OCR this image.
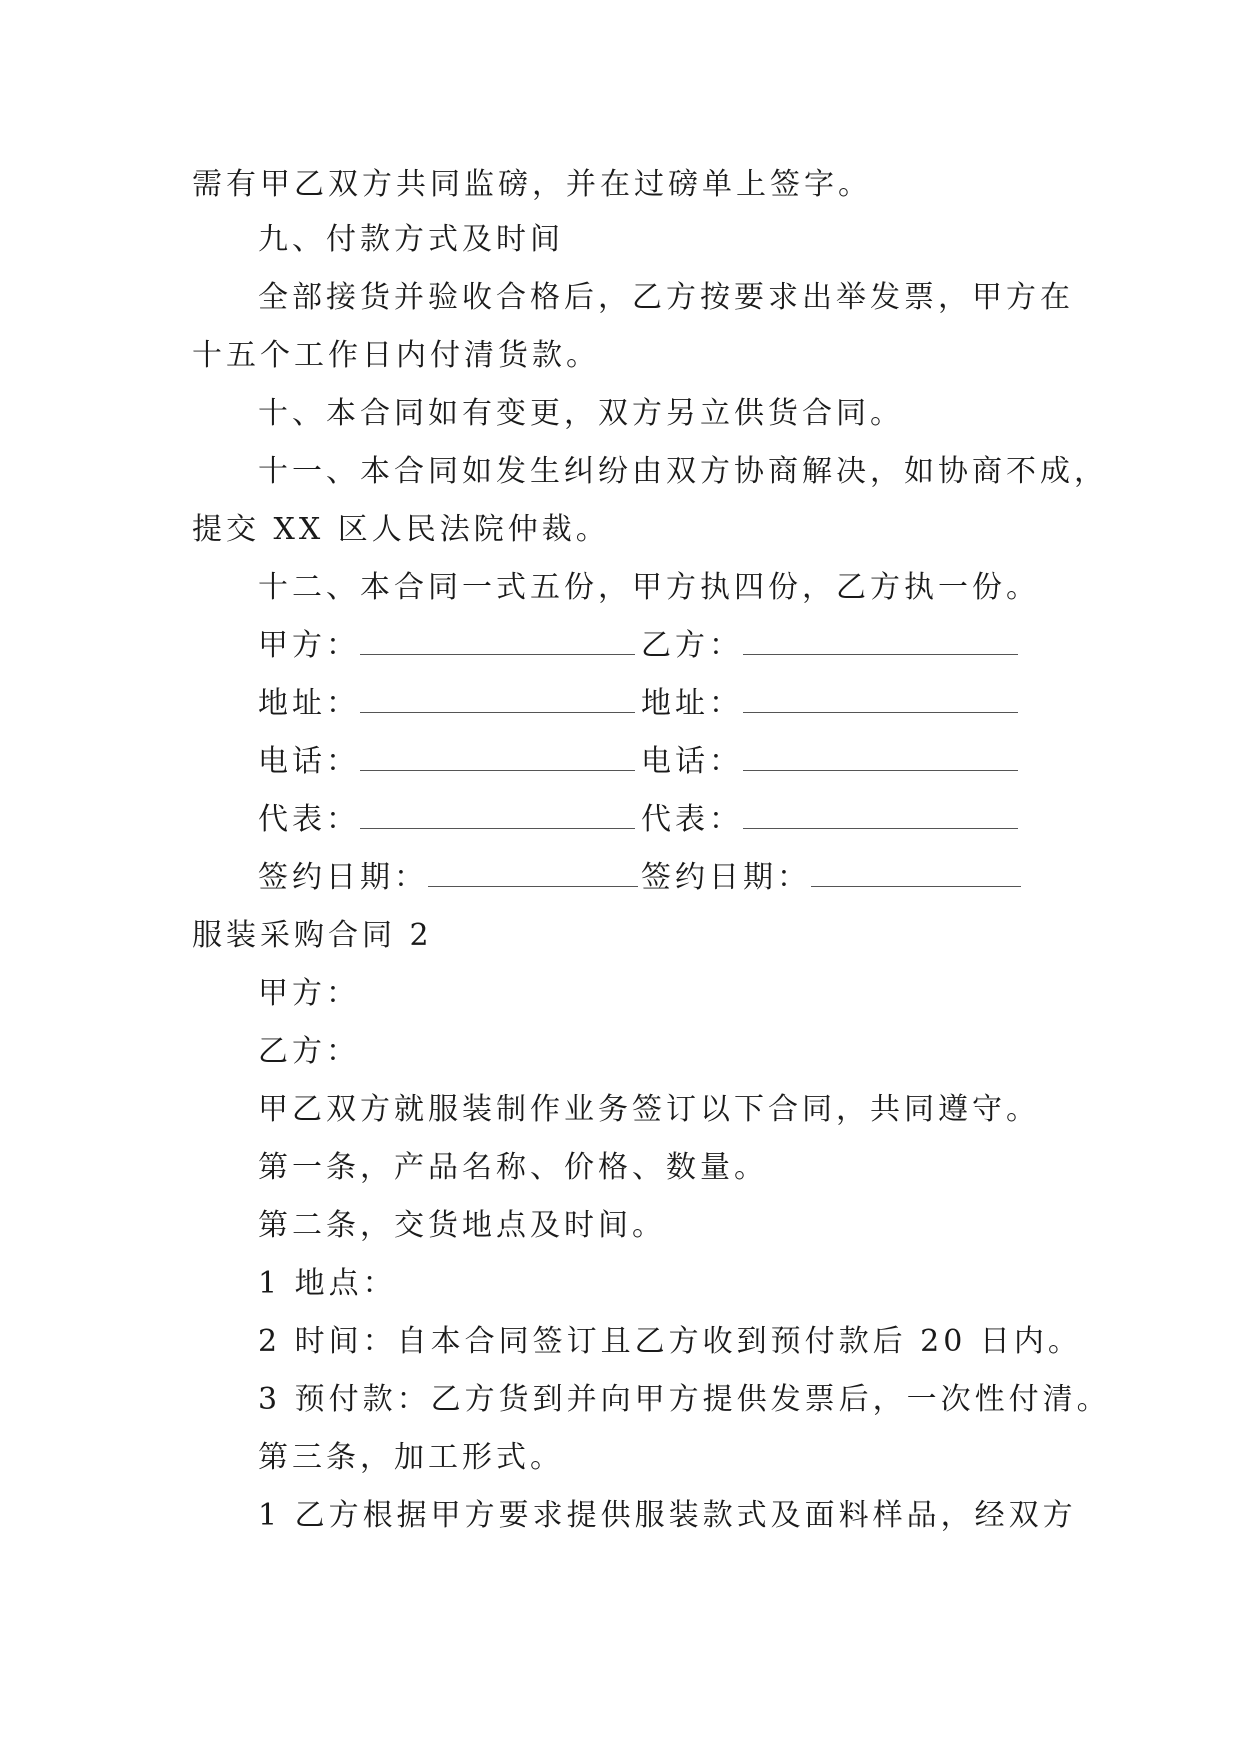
需有甲乙双方共同监磅，并在过磅单上签字。
九、付款方式及时间
全部接货并验收合格后，乙方按要求出举发票，甲方在
十五个工作日内付清货款。
十、本合同如有变更，双方另立供货合同。
十一、本合同如发生纠纷由双方协商解决，如协商不成，
提交 XX 区人民法院仲裁。
十二、本合同一式五份，甲方执四份，乙方执一份。
甲方：	乙方：
地址：	地址：
电话：	电话：
代表：	代表：
签约日期：	签约日期：
服装采购合同 2
甲方：
乙方：
甲乙双方就服装制作业务签订以下合同，共同遵守。
第一条，产品名称、价格、数量。
第二条，交货地点及时间。
1 地点：
2 时间：自本合同签订且乙方收到预付款后 20 日内。
3 预付款：乙方货到并向甲方提供发票后，一次性付清。
第三条，加工形式。
1 乙方根据甲方要求提供服装款式及面料样品，经双方
